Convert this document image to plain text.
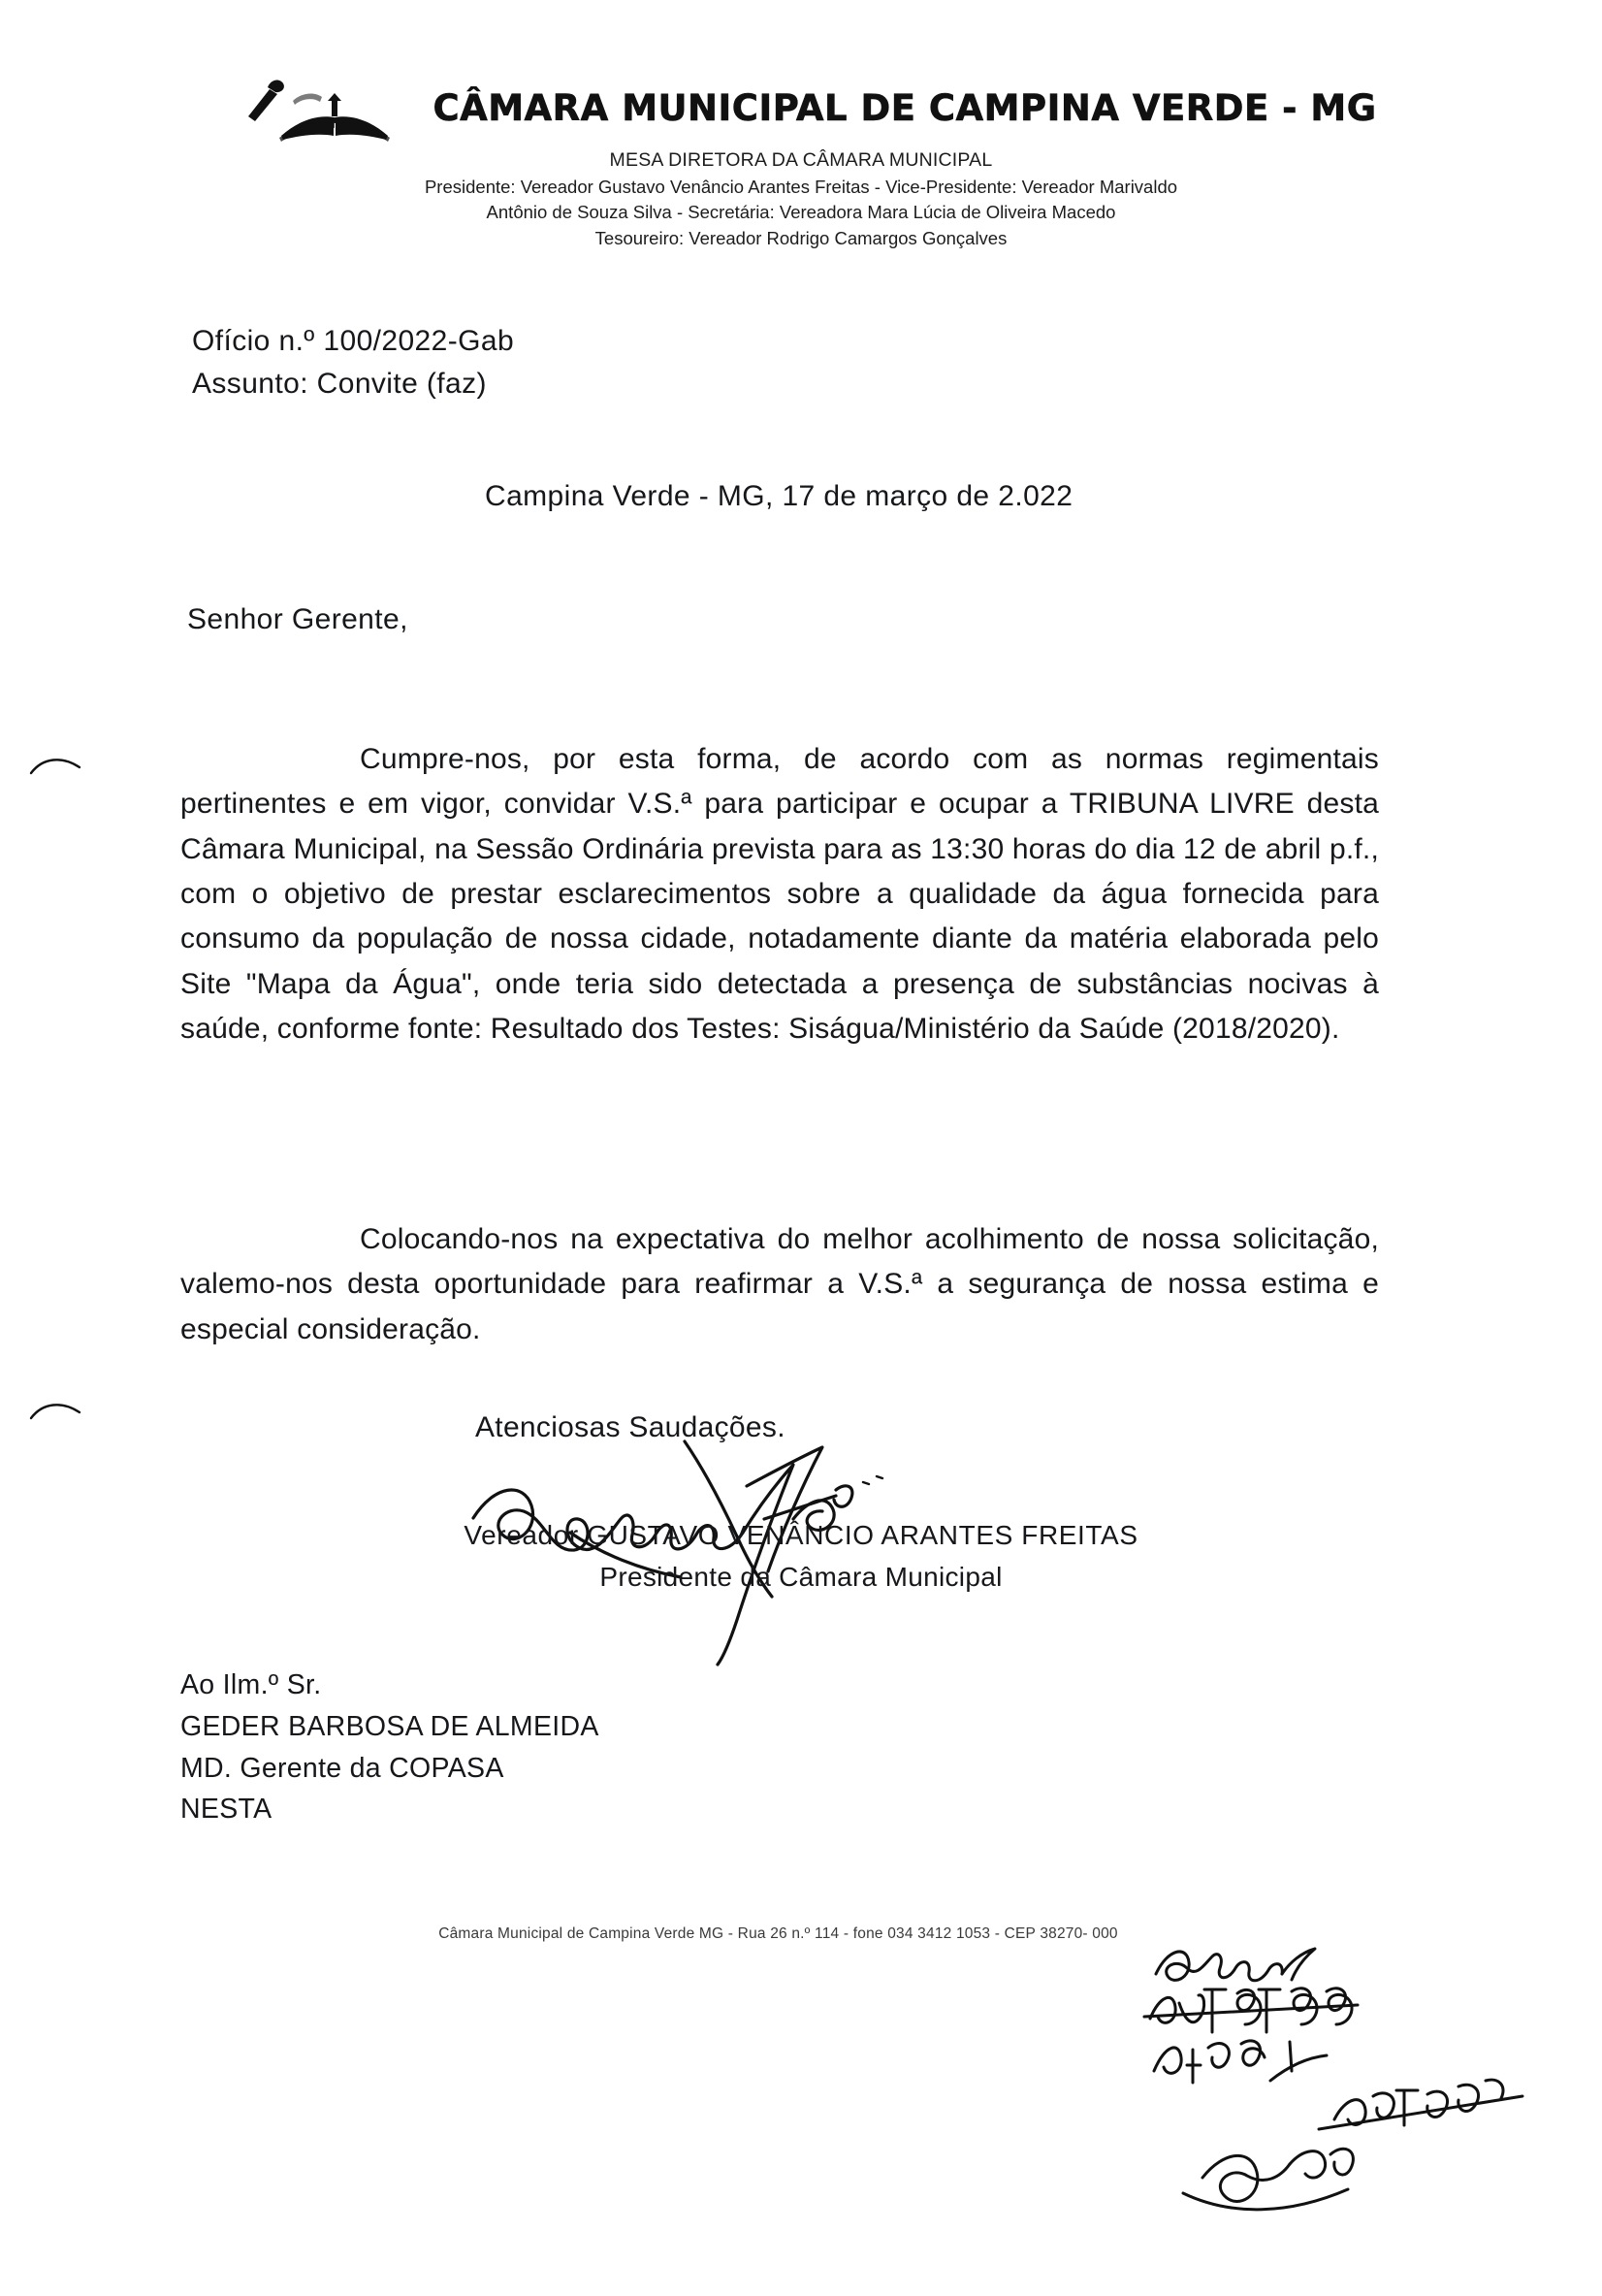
CÂMARA MUNICIPAL DE CAMPINA VERDE - MG
MESA DIRETORA DA CÂMARA MUNICIPAL
Presidente: Vereador Gustavo Venâncio Arantes Freitas - Vice-Presidente: Vereador Marivaldo
Antônio de Souza Silva - Secretária: Vereadora Mara Lúcia de Oliveira Macedo
Tesoureiro: Vereador Rodrigo Camargos Gonçalves
Ofício n.º 100/2022-Gab
Assunto: Convite (faz)
Campina Verde - MG, 17 de março de 2.022
Senhor Gerente,
Cumpre-nos, por esta forma, de acordo com as normas regimentais pertinentes e em vigor, convidar V.S.ª para participar e ocupar a TRIBUNA LIVRE desta Câmara Municipal, na Sessão Ordinária prevista para as 13:30 horas do dia 12 de abril p.f., com o objetivo de prestar esclarecimentos sobre a qualidade da água fornecida para consumo da população de nossa cidade, notadamente diante da matéria elaborada pelo Site "Mapa da Água", onde teria sido detectada a presença de substâncias nocivas à saúde, conforme fonte: Resultado dos Testes: Siságua/Ministério da Saúde (2018/2020).
Colocando-nos na expectativa do melhor acolhimento de nossa solicitação, valemo-nos desta oportunidade para reafirmar a V.S.ª a segurança de nossa estima e especial consideração.
Atenciosas Saudações.
Vereador GUSTAVO VENÂNCIO ARANTES FREITAS
Presidente da Câmara Municipal
Ao Ilm.º Sr.
GEDER BARBOSA DE ALMEIDA
MD. Gerente da COPASA
NESTA
Câmara Municipal de Campina Verde MG - Rua 26 n.º 114 - fone 034 3412 1053 - CEP 38270- 000
